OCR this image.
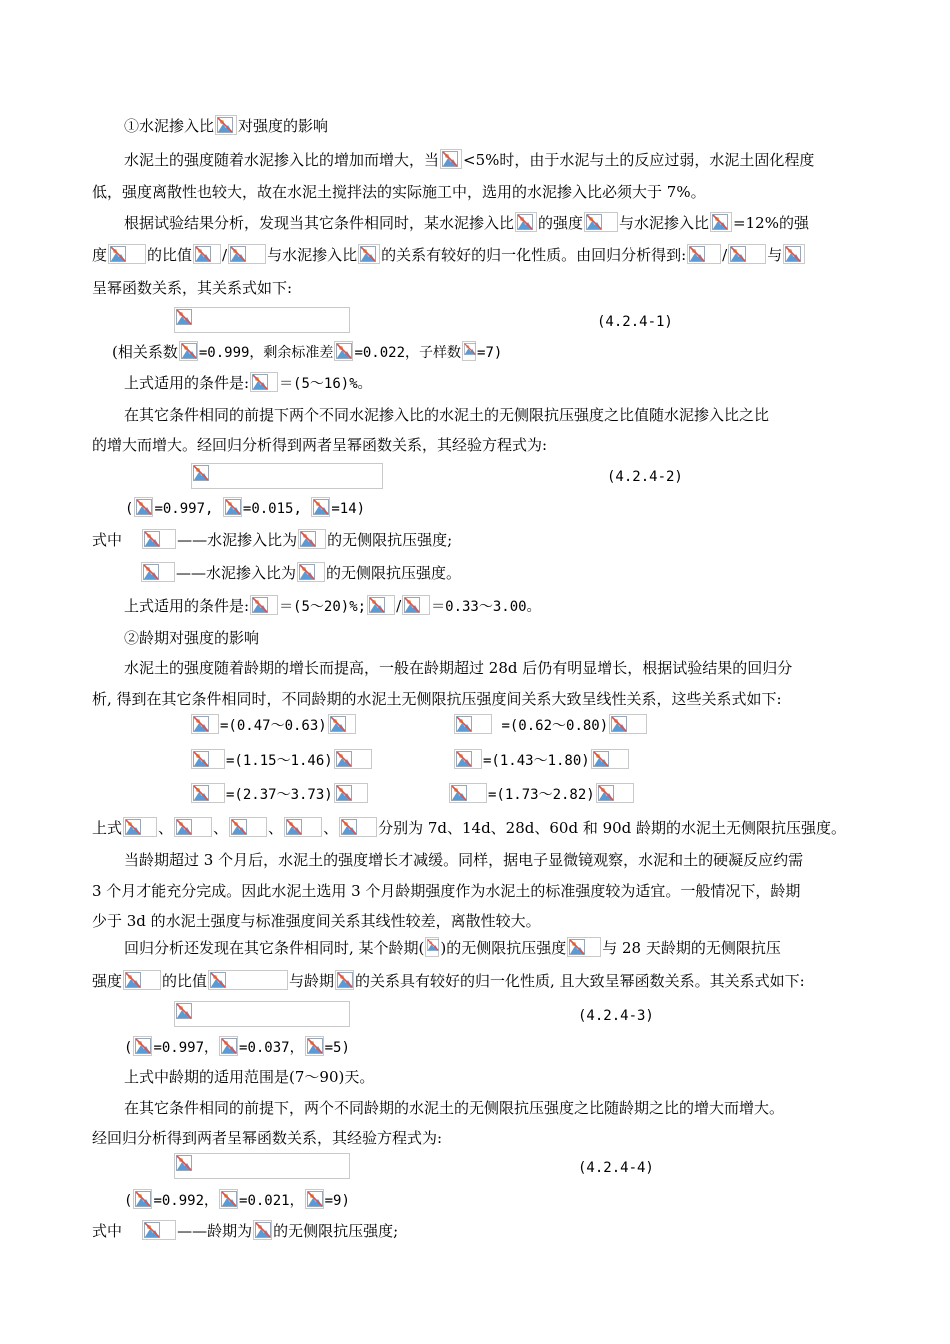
①水泥掺入比 对强度的影响
水泥土的强度随着水泥掺入比的增加而增大，当 <5%时，由于水泥与土的反应过弱，水泥土固化程度
低，强度离散性也较大，故在水泥土搅拌法的实际施工中，选用的水泥掺入比必须大于 7%。
根据试验结果分析，发现当其它条件相同时，某水泥掺入比 的强度 与水泥掺入比 =12%的强
度	的比值 /	与水泥掺入比 的关系有较好的归一化性质。由回归分析得到: /	与
呈幂函数关系，其关系式如下:
(4.2.4-1)
(相关系数 =0.999，剩余标准差 =0.022，子样数 =7)
上式适用的条件是: ＝(5～16)%。
在其它条件相同的前提下两个不同水泥掺入比的水泥土的无侧限抗压强度之比值随水泥掺入比之比
的增大而增大。经回归分析得到两者呈幂函数关系，其经验方程式为:
(4.2.4-2)
( =0.997, =0.015, =14)
式中	——水泥掺入比为 的无侧限抗压强度;
——水泥掺入比为 的无侧限抗压强度。
上式适用的条件是: ＝(5～20)%; / ＝0.33～3.00。
②龄期对强度的影响
水泥土的强度随着龄期的增长而提高，一般在龄期超过 28d 后仍有明显增长，根据试验结果的回归分
析, 得到在其它条件相同时，不同龄期的水泥土无侧限抗压强度间关系大致呈线性关系，这些关系式如下:
=(0.47～0.63)	=(0.62～0.80)
=(1.15～1.46)	=(1.43～1.80)
=(2.37～3.73)	=(1.73～2.82)
上式 、	、	、	、	分别为 7d、14d、28d、60d 和 90d 龄期的水泥土无侧限抗压强度。
当龄期超过 3 个月后，水泥土的强度增长才减缓。同样，据电子显微镜观察，水泥和土的硬凝反应约需
3 个月才能充分完成。因此水泥土选用 3 个月龄期强度作为水泥土的标准强度较为适宜。一般情况下，龄期
少于 3d 的水泥土强度与标准强度间关系其线性较差，离散性较大。
回归分析还发现在其它条件相同时, 某个龄期( )的无侧限抗压强度 与 28 天龄期的无侧限抗压
强度	的比值	与龄期 的关系具有较好的归一化性质, 且大致呈幂函数关系。其关系式如下:
(4.2.4-3)
( =0.997， =0.037， =5)
上式中龄期的适用范围是(7～90)天。
在其它条件相同的前提下，两个不同龄期的水泥土的无侧限抗压强度之比随龄期之比的增大而增大。
经回归分析得到两者呈幂函数关系，其经验方程式为:
(4.2.4-4)
( =0.992， =0.021， =9)
式中	——龄期为 的无侧限抗压强度;
